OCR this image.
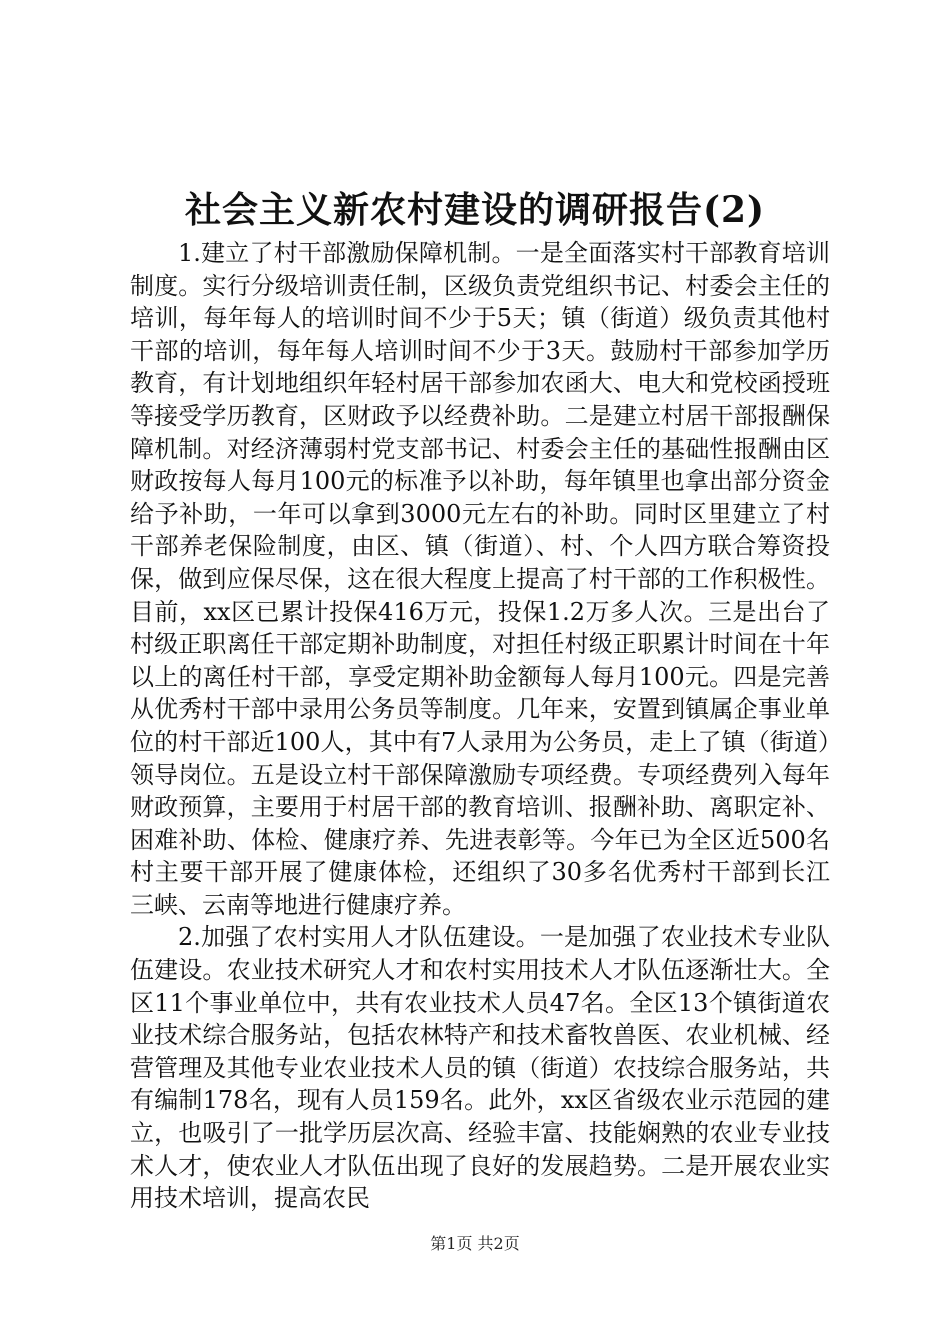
社会主义新农村建设的调研报告(2)

1.建立了村干部激励保障机制。一是全面落实村干部教育培训制度。实行分级培训责任制，区级负责党组织书记、村委会主任的培训，每年每人的培训时间不少于5天；镇（街道）级负责其他村干部的培训，每年每人培训时间不少于3天。鼓励村干部参加学历教育，有计划地组织年轻村居干部参加农函大、电大和党校函授班等接受学历教育，区财政予以经费补助。二是建立村居干部报酬保障机制。对经济薄弱村党支部书记、村委会主任的基础性报酬由区财政按每人每月100元的标准予以补助，每年镇里也拿出部分资金给予补助，一年可以拿到3000元左右的补助。同时区里建立了村干部养老保险制度，由区、镇（街道）、村、个人四方联合筹资投保，做到应保尽保，这在很大程度上提高了村干部的工作积极性。目前，xx区已累计投保416万元，投保1.2万多人次。三是出台了村级正职离任干部定期补助制度，对担任村级正职累计时间在十年以上的离任村干部，享受定期补助金额每人每月100元。四是完善从优秀村干部中录用公务员等制度。几年来，安置到镇属企事业单位的村干部近100人，其中有7人录用为公务员，走上了镇（街道）领导岗位。五是设立村干部保障激励专项经费。专项经费列入每年财政预算，主要用于村居干部的教育培训、报酬补助、离职定补、困难补助、体检、健康疗养、先进表彰等。今年已为全区近500名村主要干部开展了健康体检，还组织了30多名优秀村干部到长江三峡、云南等地进行健康疗养。

2.加强了农村实用人才队伍建设。一是加强了农业技术专业队伍建设。农业技术研究人才和农村实用技术人才队伍逐渐壮大。全区11个事业单位中，共有农业技术人员47名。全区13个镇街道农业技术综合服务站，包括农林特产和技术畜牧兽医、农业机械、经营管理及其他专业农业技术人员的镇（街道）农技综合服务站，共有编制178名，现有人员159名。此外，xx区省级农业示范园的建立，也吸引了一批学历层次高、经验丰富、技能娴熟的农业专业技术人才，使农业人才队伍出现了良好的发展趋势。二是开展农业实用技术培训，提高农民

第1页 共2页
